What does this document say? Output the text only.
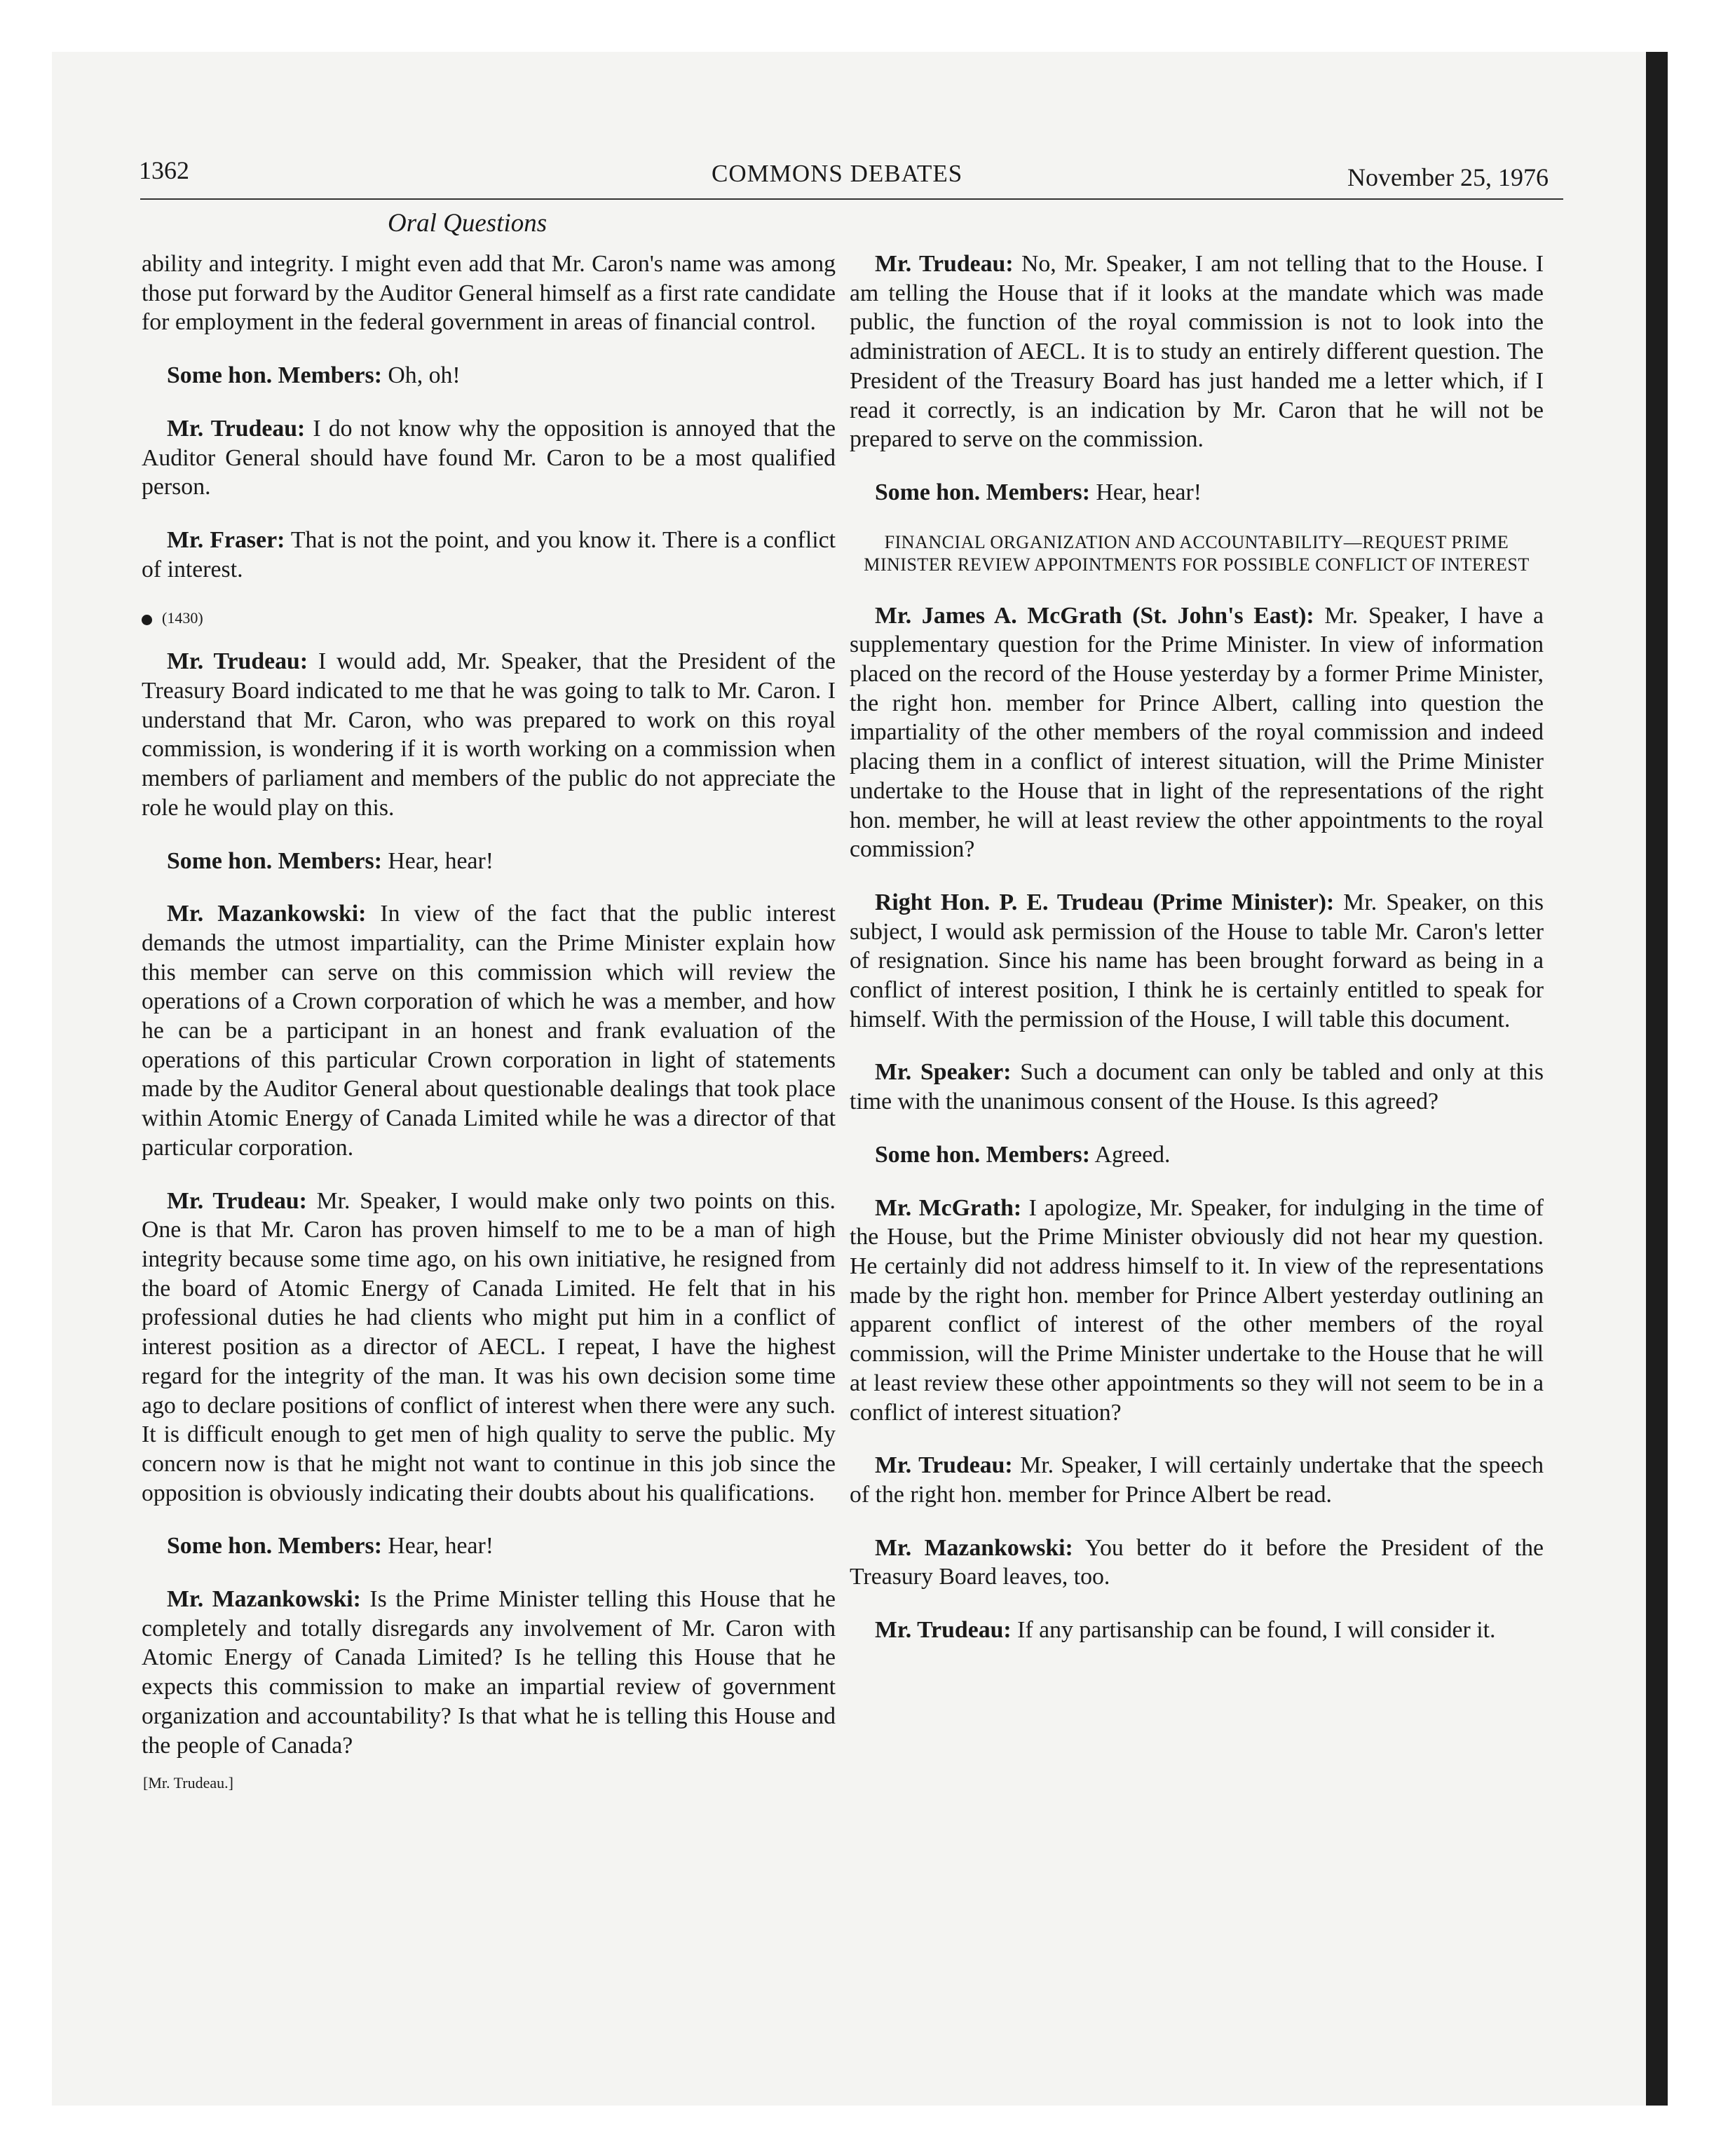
1362	COMMONS DEBATES	November 25, 1976
Oral Questions

ability and integrity. I might even add that Mr. Caron's name was among those put forward by the Auditor General himself as a first rate candidate for employment in the federal government in areas of financial control.

Some hon. Members: Oh, oh!

Mr. Trudeau: I do not know why the opposition is annoyed that the Auditor General should have found Mr. Caron to be a most qualified person.

Mr. Fraser: That is not the point, and you know it. There is a conflict of interest.

(1430)

Mr. Trudeau: I would add, Mr. Speaker, that the President of the Treasury Board indicated to me that he was going to talk to Mr. Caron. I understand that Mr. Caron, who was prepared to work on this royal commission, is wondering if it is worth working on a commission when members of parliament and members of the public do not appreciate the role he would play on this.

Some hon. Members: Hear, hear!

Mr. Mazankowski: In view of the fact that the public interest demands the utmost impartiality, can the Prime Minister explain how this member can serve on this commission which will review the operations of a Crown corporation of which he was a member, and how he can be a participant in an honest and frank evaluation of the operations of this particular Crown corporation in light of statements made by the Auditor General about questionable dealings that took place within Atomic Energy of Canada Limited while he was a director of that particular corporation.

Mr. Trudeau: Mr. Speaker, I would make only two points on this. One is that Mr. Caron has proven himself to me to be a man of high integrity because some time ago, on his own initiative, he resigned from the board of Atomic Energy of Canada Limited. He felt that in his professional duties he had clients who might put him in a conflict of interest position as a director of AECL. I repeat, I have the highest regard for the integrity of the man. It was his own decision some time ago to declare positions of conflict of interest when there were any such. It is difficult enough to get men of high quality to serve the public. My concern now is that he might not want to continue in this job since the opposition is obviously indicating their doubts about his qualifications.

Some hon. Members: Hear, hear!

Mr. Mazankowski: Is the Prime Minister telling this House that he completely and totally disregards any involvement of Mr. Caron with Atomic Energy of Canada Limited? Is he telling this House that he expects this commission to make an impartial review of government organization and accountability? Is that what he is telling this House and the people of Canada?

[Mr. Trudeau.]

Mr. Trudeau: No, Mr. Speaker, I am not telling that to the House. I am telling the House that if it looks at the mandate which was made public, the function of the royal commission is not to look into the administration of AECL. It is to study an entirely different question. The President of the Treasury Board has just handed me a letter which, if I read it correctly, is an indication by Mr. Caron that he will not be prepared to serve on the commission.

Some hon. Members: Hear, hear!

FINANCIAL ORGANIZATION AND ACCOUNTABILITY—REQUEST PRIME MINISTER REVIEW APPOINTMENTS FOR POSSIBLE CONFLICT OF INTEREST

Mr. James A. McGrath (St. John's East): Mr. Speaker, I have a supplementary question for the Prime Minister. In view of information placed on the record of the House yesterday by a former Prime Minister, the right hon. member for Prince Albert, calling into question the impartiality of the other members of the royal commission and indeed placing them in a conflict of interest situation, will the Prime Minister undertake to the House that in light of the representations of the right hon. member, he will at least review the other appointments to the royal commission?

Right Hon. P. E. Trudeau (Prime Minister): Mr. Speaker, on this subject, I would ask permission of the House to table Mr. Caron's letter of resignation. Since his name has been brought forward as being in a conflict of interest position, I think he is certainly entitled to speak for himself. With the permission of the House, I will table this document.

Mr. Speaker: Such a document can only be tabled and only at this time with the unanimous consent of the House. Is this agreed?

Some hon. Members: Agreed.

Mr. McGrath: I apologize, Mr. Speaker, for indulging in the time of the House, but the Prime Minister obviously did not hear my question. He certainly did not address himself to it. In view of the representations made by the right hon. member for Prince Albert yesterday outlining an apparent conflict of interest of the other members of the royal commission, will the Prime Minister undertake to the House that he will at least review these other appointments so they will not seem to be in a conflict of interest situation?

Mr. Trudeau: Mr. Speaker, I will certainly undertake that the speech of the right hon. member for Prince Albert be read.

Mr. Mazankowski: You better do it before the President of the Treasury Board leaves, too.

Mr. Trudeau: If any partisanship can be found, I will consider it.
